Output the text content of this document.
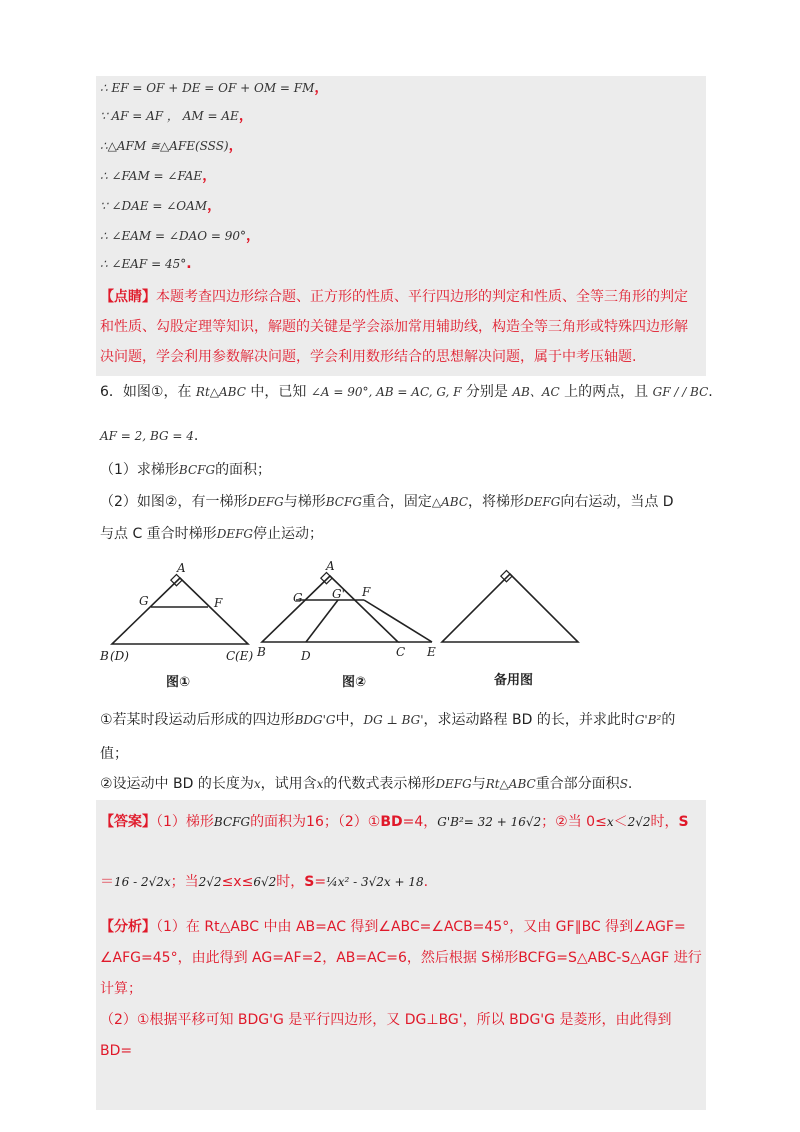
∴ EF = OF + DE = OF + OM = FM，
∵ AF = AF ， AM = AE，
∴△AFM ≅△AFE(SSS)，
∴ ∠FAM = ∠FAE，
∵ ∠DAE = ∠OAM，
∴ ∠EAM = ∠DAO = 90°，
∴ ∠EAF = 45°.
【点睛】本题考查四边形综合题、正方形的性质、平行四边形的判定和性质、全等三角形的判定
和性质、勾股定理等知识，解题的关键是学会添加常用辅助线，构造全等三角形或特殊四边形解
决问题，学会利用参数解决问题，学会利用数形结合的思想解决问题，属于中考压轴题.
6．如图①，在 Rt△ABC 中，已知 ∠A = 90°, AB = AC, G, F 分别是 AB、AC 上的两点，且 GF / / BC.
AF = 2, BG = 4.
（1）求梯形BCFG的面积；
（2）如图②，有一梯形DEFG与梯形BCFG重合，固定△ABC，将梯形DEFG向右运动，当点 D
与点 C 重合时梯形DEFG停止运动；
A
G	F
B (D)	C (E)
图①
A
G G' F
B	D	C E
图②	备用图
①若某时段运动后形成的四边形BDG'G中，DG ⊥ BG'，求运动路程 BD 的长，并求此时G'B²的
值；
②设运动中 BD 的长度为x，试用含x的代数式表示梯形DEFG与Rt△ABC重合部分面积S.
【答案】（1）梯形BCFG的面积为16；（2）①BD=4，G'B²= 32 + 16√2；②当 0≤x＜2√2时，S
＝16 - 2√2x；当2√2≤x≤6√2时，S=¼x² - 3√2x + 18.
【分析】（1）在 Rt△ABC 中由 AB=AC 得到∠ABC=∠ACB=45°，又由 GF∥BC 得到∠AGF=
∠AFG=45°，由此得到 AG=AF=2，AB=AC=6，然后根据 S梯形BCFG=S△ABC-S△AGF 进行计算；
（2）①根据平移可知 BDG'G 是平行四边形，又 DG⊥BG'，所以 BDG'G 是菱形，由此得到 BD=
